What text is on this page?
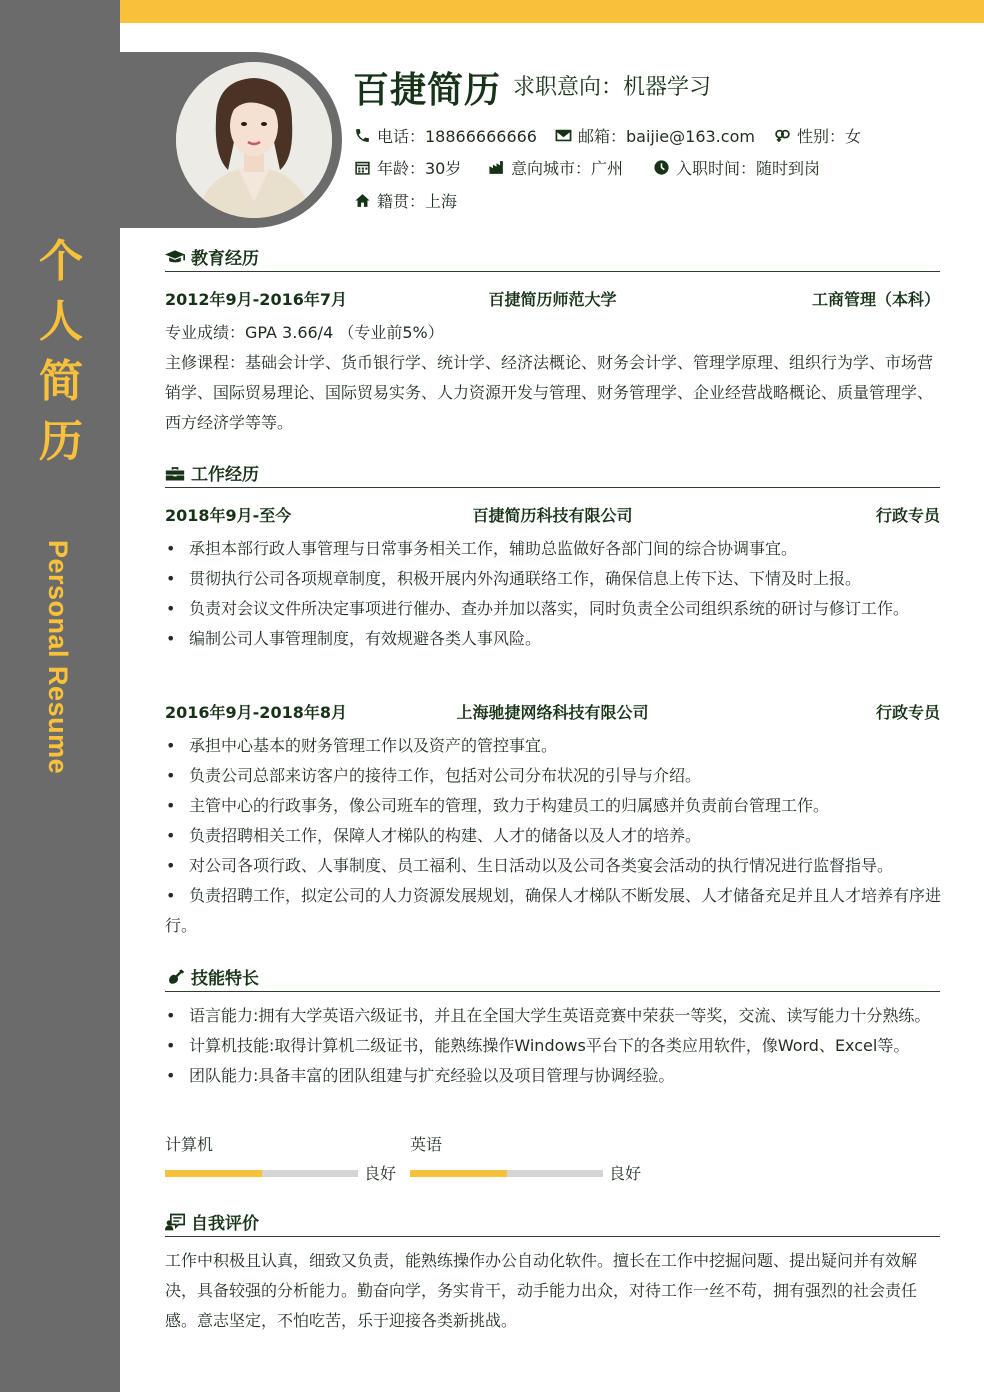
个
人
简
历
Personal Resume
百捷简历 求职意向：机器学习
电话：18866666666	邮箱：baijie@163.com	性别：女
年龄：30岁	意向城市：广州	入职时间：随时到岗
籍贯：上海
教育经历
2012年9月-2016年7月	百捷简历师范大学	工商管理（本科）
专业成绩：GPA 3.66/4 （专业前5%）
主修课程：基础会计学、货币银行学、统计学、经济法概论、财务会计学、管理学原理、组织行为学、市场营销学、国际贸易理论、国际贸易实务、人力资源开发与管理、财务管理学、企业经营战略概论、质量管理学、西方经济学等等。
工作经历
2018年9月-至今	百捷简历科技有限公司	行政专员
• 承担本部行政人事管理与日常事务相关工作，辅助总监做好各部门间的综合协调事宜。
• 贯彻执行公司各项规章制度，积极开展内外沟通联络工作，确保信息上传下达、下情及时上报。
• 负责对会议文件所决定事项进行催办、查办并加以落实，同时负责全公司组织系统的研讨与修订工作。
• 编制公司人事管理制度，有效规避各类人事风险。
2016年9月-2018年8月	上海驰捷网络科技有限公司	行政专员
• 承担中心基本的财务管理工作以及资产的管控事宜。
• 负责公司总部来访客户的接待工作，包括对公司分布状况的引导与介绍。
• 主管中心的行政事务，像公司班车的管理，致力于构建员工的归属感并负责前台管理工作。
• 负责招聘相关工作，保障人才梯队的构建、人才的储备以及人才的培养。
• 对公司各项行政、人事制度、员工福利、生日活动以及公司各类宴会活动的执行情况进行监督指导。
• 负责招聘工作，拟定公司的人力资源发展规划，确保人才梯队不断发展、人才储备充足并且人才培养有序进行。
技能特长
• 语言能力:拥有大学英语六级证书，并且在全国大学生英语竞赛中荣获一等奖，交流、读写能力十分熟练。
• 计算机技能:取得计算机二级证书，能熟练操作Windows平台下的各类应用软件，像Word、Excel等。
• 团队能力:具备丰富的团队组建与扩充经验以及项目管理与协调经验。
计算机
良好
英语
良好
自我评价
工作中积极且认真，细致又负责，能熟练操作办公自动化软件。擅长在工作中挖掘问题、提出疑问并有效解决，具备较强的分析能力。勤奋向学，务实肯干，动手能力出众，对待工作一丝不苟，拥有强烈的社会责任感。意志坚定，不怕吃苦，乐于迎接各类新挑战。
